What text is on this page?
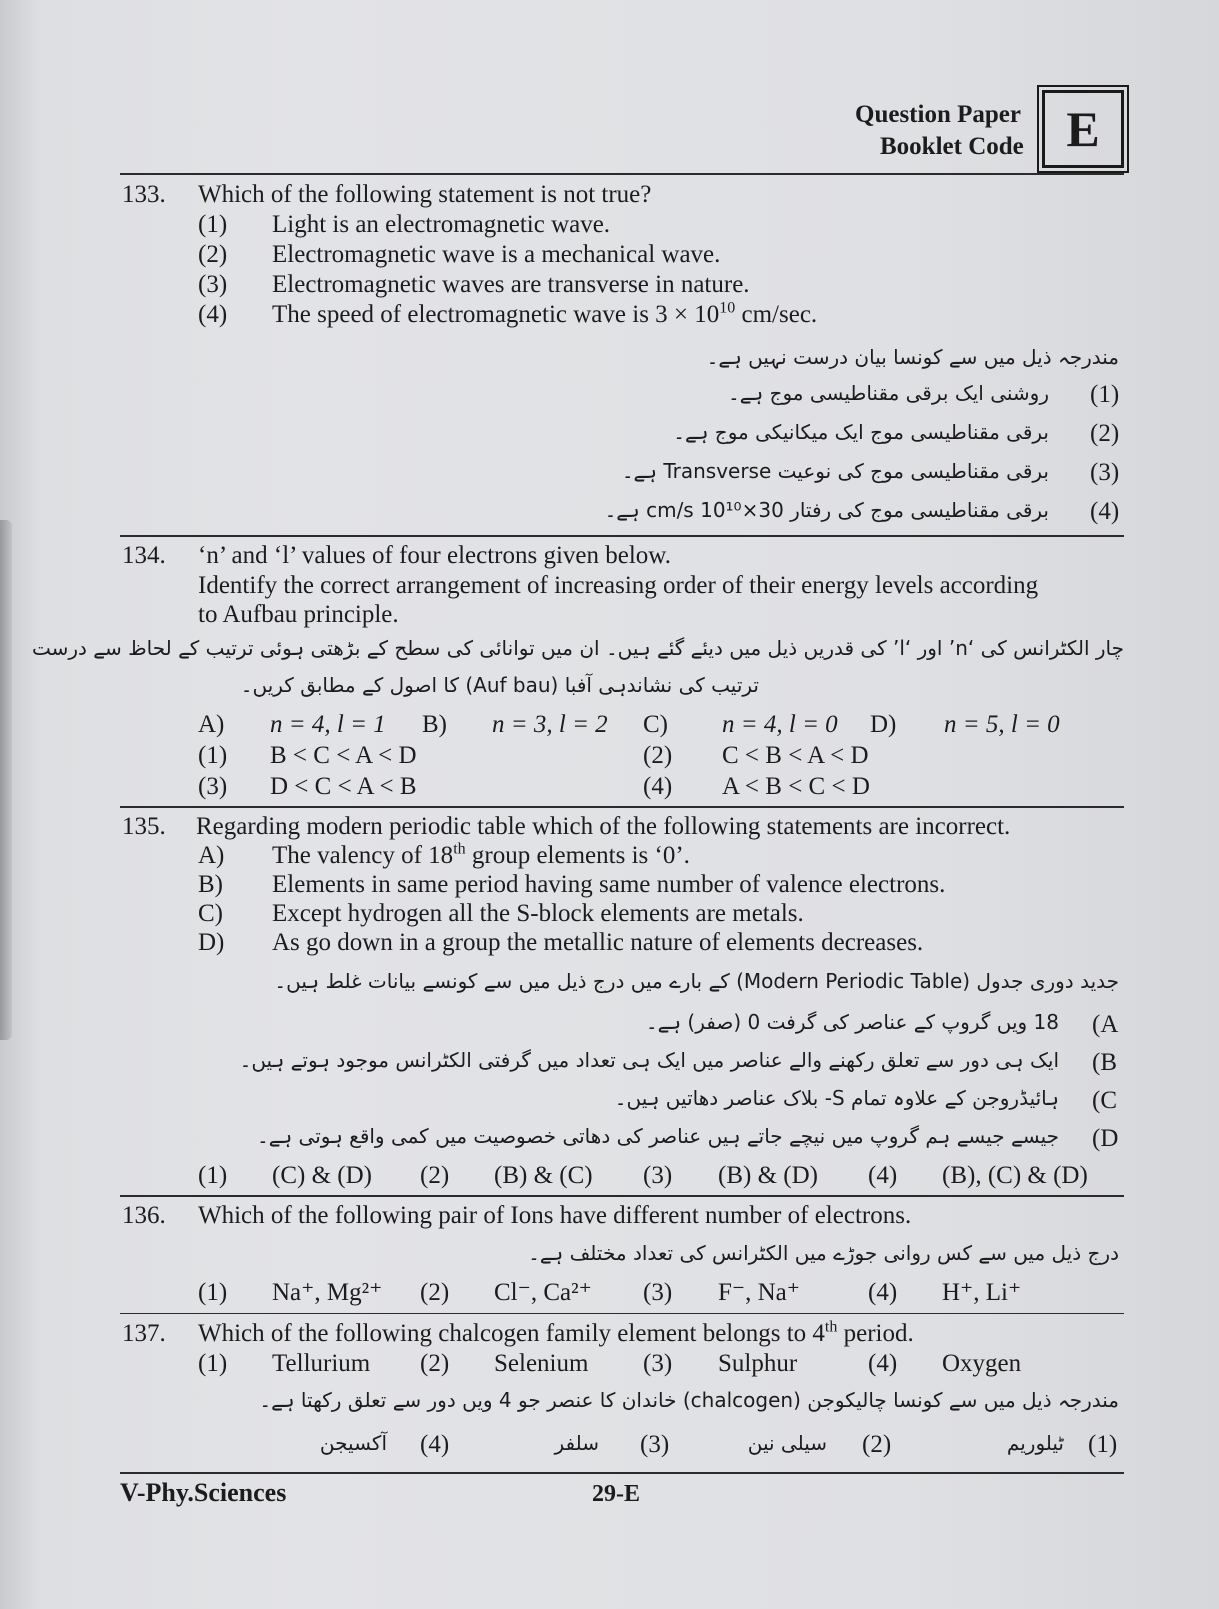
Question Paper
Booklet Code E
133. Which of the following statement is not true?
(1) Light is an electromagnetic wave.
(2) Electromagnetic wave is a mechanical wave.
(3) Electromagnetic waves are transverse in nature.
(4) The speed of electromagnetic wave is $3 \times 10^{10}$ cm/sec.
مندرجہ ذیل میں سے کونسا بیان درست نہیں ہے۔
(1)
روشنی ایک برقی مقناطیسی موج ہے۔
(2)
برقی مقناطیسی موج ایک میکانیکی موج ہے۔
(3)
برقی مقناطیسی موج کی نوعیت Transverse ہے۔
(4)
برقی مقناطیسی موج کی رفتار 30×10¹⁰ cm/s ہے۔
134. ‘n’ and ‘l’ values of four electrons given below.
Identify the correct arrangement of increasing order of their energy levels according
to Aufbau principle.
چار الکٹرانس کی ‘n’ اور ‘l’ کی قدریں ذیل میں دیئے گئے ہیں۔ ان میں توانائی کی سطح کے بڑھتی ہوئی ترتیب کے لحاظ سے درست
ترتیب کی نشاندہی آفبا (Auf bau) کا اصول کے مطابق کریں۔
A) n = 4, l = 1 B) n = 3, l = 2 C) n = 4, l = 0 D) n = 5, l = 0
(1) B < C < A < D	(2) C < B < A < D
(3) D < C < A < B	(4) A < B < C < D
135. Regarding modern periodic table which of the following statements are incorrect.
A) The valency of 18th group elements is ‘0’.
B) Elements in same period having same number of valence electrons.
C) Except hydrogen all the S-block elements are metals.
D) As go down in a group the metallic nature of elements decreases.
جدید دوری جدول (Modern Periodic Table) کے بارے میں درج ذیل میں سے کونسے بیانات غلط ہیں۔
(A
18 ویں گروپ کے عناصر کی گرفت 0 (صفر) ہے۔
(B
ایک ہی دور سے تعلق رکھنے والے عناصر میں ایک ہی تعداد میں گرفتی الکٹرانس موجود ہوتے ہیں۔
(C
ہائیڈروجن کے علاوہ تمام S- بلاک عناصر دھاتیں ہیں۔
(D
جیسے جیسے ہم گروپ میں نیچے جاتے ہیں عناصر کی دھاتی خصوصیت میں کمی واقع ہوتی ہے۔
(1) (C) & (D) (2) (B) & (C) (3) (B) & (D) (4) (B), (C) & (D)
136. Which of the following pair of Ions have different number of electrons.
درج ذیل میں سے کس روانی جوڑے میں الکٹرانس کی تعداد مختلف ہے۔
(1) Na⁺, Mg²⁺ (2) Cl⁻, Ca²⁺ (3) F⁻, Na⁺	(4) H⁺, Li⁺
137. Which of the following chalcogen family element belongs to 4th period.
(1) Tellurium (2) Selenium (3) Sulphur	(4) Oxygen
مندرجہ ذیل میں سے کونسا چالیکوجن (chalcogen) خاندان کا عنصر جو 4 ویں دور سے تعلق رکھتا ہے۔
(1)
ٹیلوریم
(2)
سیلی نین
(3)
سلفر
(4)
آکسیجن
V-Phy.Sciences	29-E
